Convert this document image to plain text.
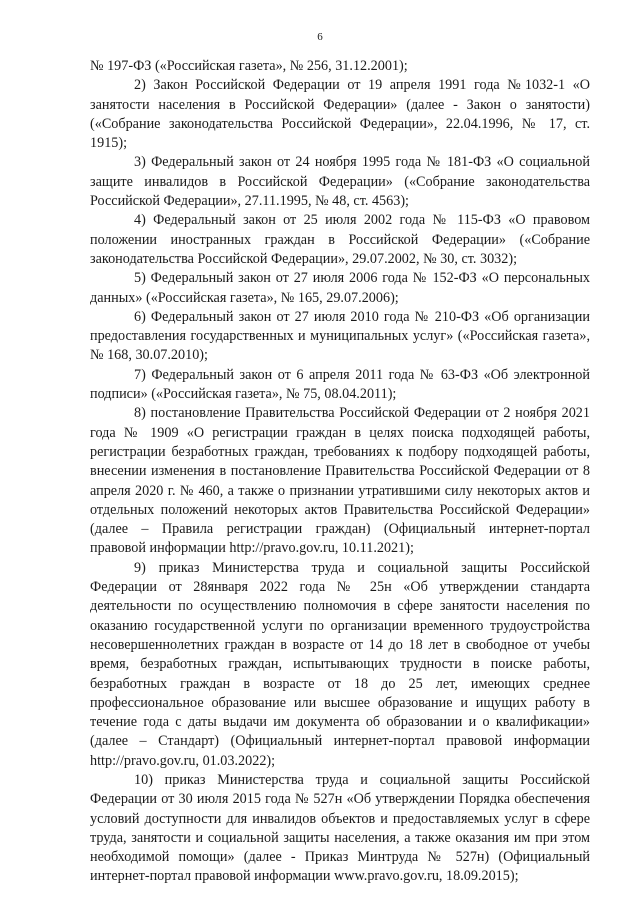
6

№ 197-ФЗ («Российская газета», № 256, 31.12.2001);

2) Закон Российской Федерации от 19 апреля 1991 года №1032-1 «О занятости населения в Российской Федерации» (далее - Закон о занятости) («Собрание законодательства Российской Федерации», 22.04.1996, № 17, ст. 1915);

3) Федеральный закон от 24 ноября 1995 года № 181-ФЗ «О социальной защите инвалидов в Российской Федерации» («Собрание законодательства Российской Федерации», 27.11.1995, № 48, ст. 4563);

4) Федеральный закон от 25 июля 2002 года № 115-ФЗ «О правовом положении иностранных граждан в Российской Федерации» («Собрание законодательства Российской Федерации», 29.07.2002, № 30, ст. 3032);

5) Федеральный закон от 27 июля 2006 года № 152-ФЗ «О персональных данных» («Российская газета», № 165, 29.07.2006);

6) Федеральный закон от 27 июля 2010 года № 210-ФЗ «Об организации предоставления государственных и муниципальных услуг» («Российская газета», № 168, 30.07.2010);

7) Федеральный закон от 6 апреля 2011 года № 63-ФЗ «Об электронной подписи» («Российская газета», № 75, 08.04.2011);

8) постановление Правительства Российской Федерации от 2 ноября 2021 года № 1909 «О регистрации граждан в целях поиска подходящей работы, регистрации безработных граждан, требованиях к подбору подходящей работы, внесении изменения в постановление Правительства Российской Федерации от 8 апреля 2020 г. № 460, а также о признании утратившими силу некоторых актов и отдельных положений некоторых актов Правительства Российской Федерации» (далее – Правила регистрации граждан) (Официальный интернет-портал правовой информации http://pravo.gov.ru, 10.11.2021);

9) приказ Министерства труда и социальной защиты Российской Федерации от 28января 2022 года № 25н «Об утверждении стандарта деятельности по осуществлению полномочия в сфере занятости населения по оказанию государственной услуги по организации временного трудоустройства несовершеннолетних граждан в возрасте от 14 до 18 лет в свободное от учебы время, безработных граждан, испытывающих трудности в поиске работы, безработных граждан в возрасте от 18 до 25 лет, имеющих среднее профессиональное образование или высшее образование и ищущих работу в течение года с даты выдачи им документа об образовании и о квалификации» (далее – Стандарт) (Официальный интернет-портал правовой информации http://pravo.gov.ru, 01.03.2022);

10) приказ Министерства труда и социальной защиты Российской Федерации от 30 июля 2015 года № 527н «Об утверждении Порядка обеспечения условий доступности для инвалидов объектов и предоставляемых услуг в сфере труда, занятости и социальной защиты населения, а также оказания им при этом необходимой помощи» (далее - Приказ Минтруда № 527н) (Официальный интернет-портал правовой информации www.pravo.gov.ru, 18.09.2015);
